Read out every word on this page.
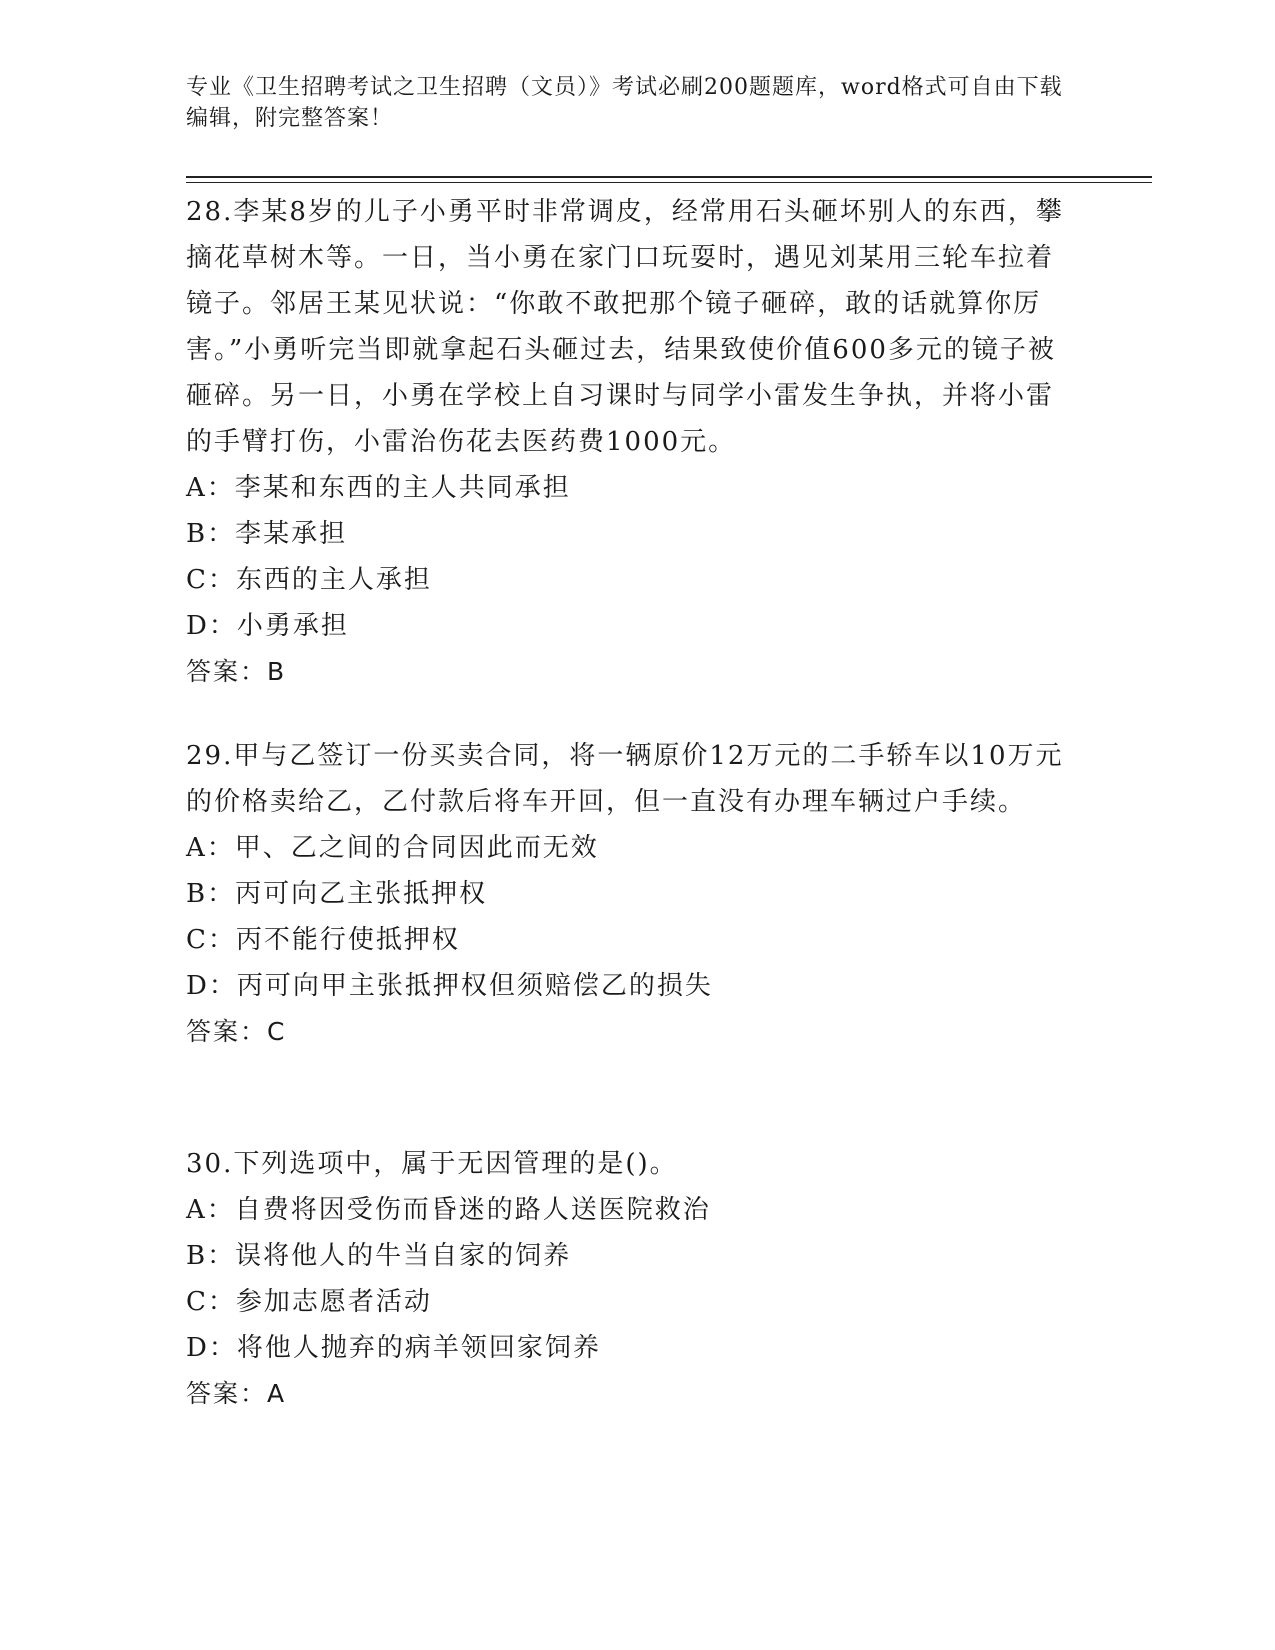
专业《卫生招聘考试之卫生招聘（文员）》考试必刷200题题库，word格式可自由下载编辑，附完整答案！

28.李某8岁的儿子小勇平时非常调皮，经常用石头砸坏别人的东西，攀摘花草树木等。一日，当小勇在家门口玩耍时，遇见刘某用三轮车拉着镜子。邻居王某见状说：“你敢不敢把那个镜子砸碎，敢的话就算你厉害。”小勇听完当即就拿起石头砸过去，结果致使价值600多元的镜子被砸碎。另一日，小勇在学校上自习课时与同学小雷发生争执，并将小雷的手臂打伤，小雷治伤花去医药费1000元。

A：李某和东西的主人共同承担

B：李某承担

C：东西的主人承担

D：小勇承担

答案：B

29.甲与乙签订一份买卖合同，将一辆原价12万元的二手轿车以10万元的价格卖给乙，乙付款后将车开回，但一直没有办理车辆过户手续。

A：甲、乙之间的合同因此而无效

B：丙可向乙主张抵押权

C：丙不能行使抵押权

D：丙可向甲主张抵押权但须赔偿乙的损失

答案：C

30.下列选项中，属于无因管理的是()。

A：自费将因受伤而昏迷的路人送医院救治

B：误将他人的牛当自家的饲养

C：参加志愿者活动

D：将他人抛弃的病羊领回家饲养

答案：A
